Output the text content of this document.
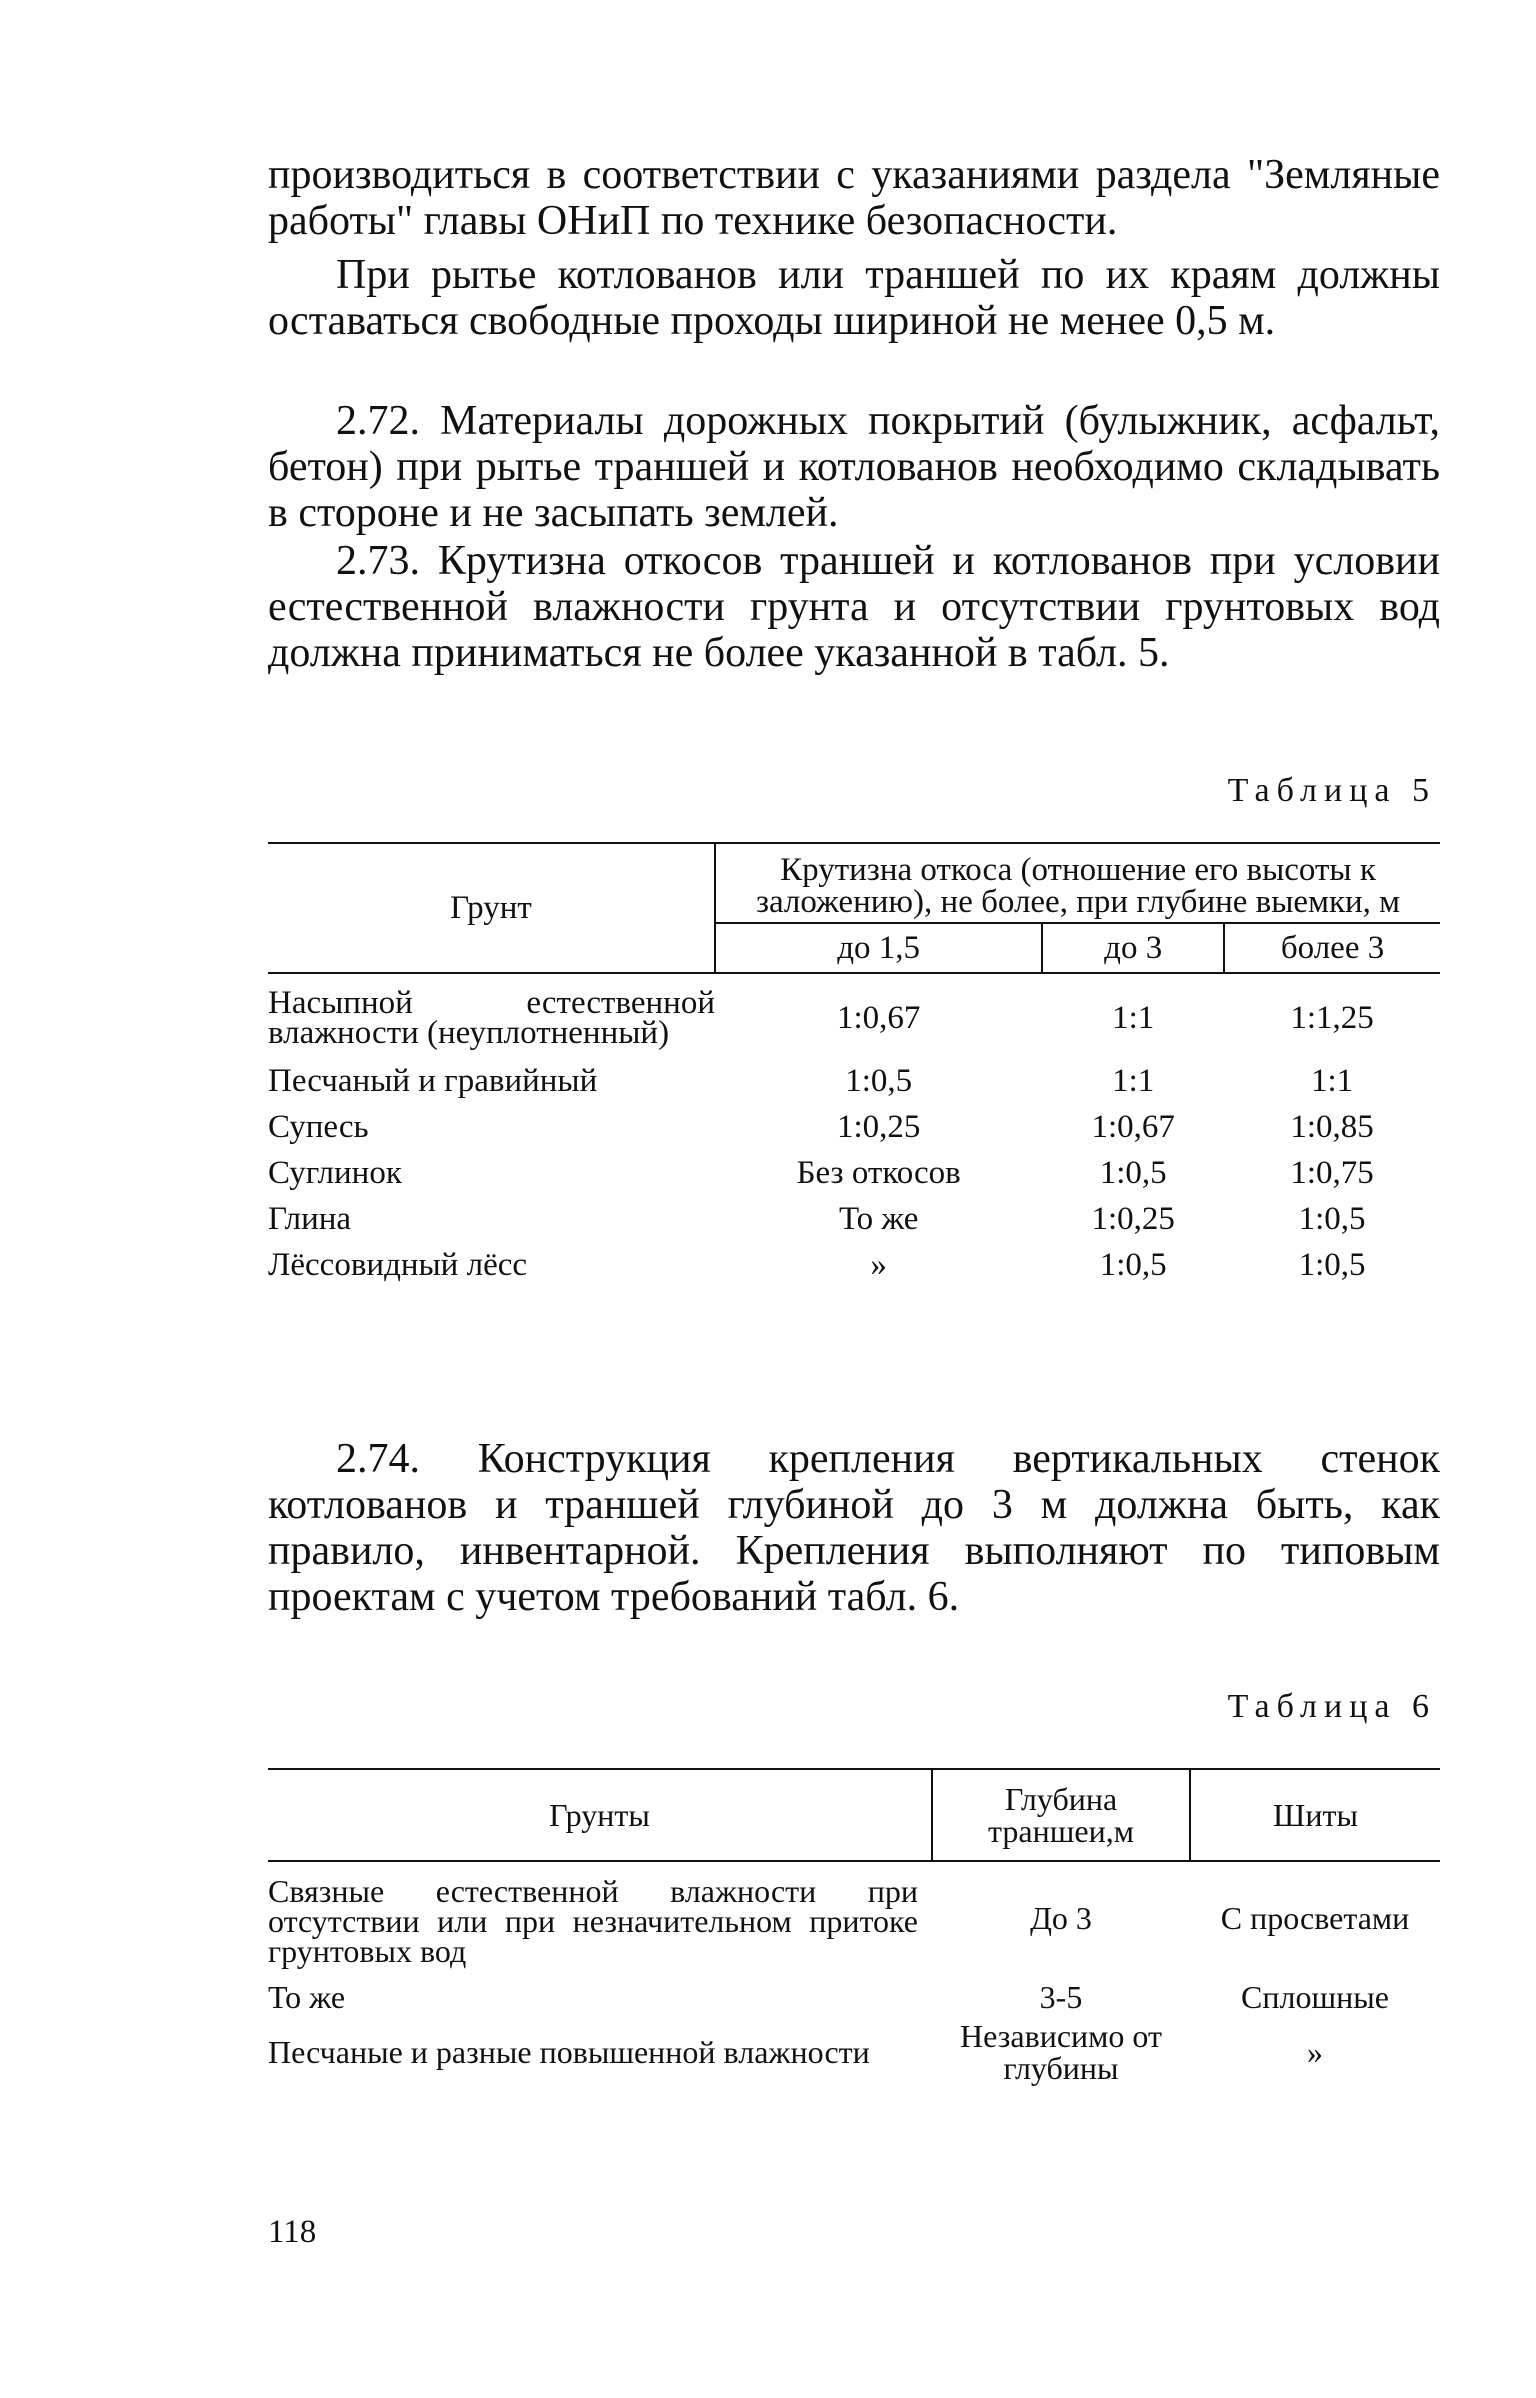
производиться в соответствии с указаниями раздела "Земляные работы" главы ОНиП по технике безопасности.

При рытье котлованов или траншей по их краям должны оставаться свободные проходы шириной не менее 0,5 м.

2.72. Материалы дорожных покрытий (булыжник, асфальт, бетон) при рытье траншей и котлованов необходимо складывать в стороне и не засыпать землей.

2.73. Крутизна откосов траншей и котлованов при условии естественной влажности грунта и отсутствии грунтовых вод должна приниматься не более указанной в табл. 5.

Таблица 5
Грунт	Крутизна откоса (отношение его высоты к заложению), не более, при глубине выемки, м		
	до 1,5	до 3	более 3
Насыпной естественной влажности (неуплотненный)	1:0,67	1:1	1:1,25
Песчаный и гравийный	1:0,5	1:1	1:1
Супесь	1:0,25	1:0,67	1:0,85
Суглинок	Без откосов	1:0,5	1:0,75
Глина	То же	1:0,25	1:0,5
Лёссовидный лёсс	»	1:0,5	1:0,5

2.74. Конструкция крепления вертикальных стенок котлованов и траншей глубиной до 3 м должна быть, как правило, инвентарной. Крепления выполняют по типовым проектам с учетом требований табл. 6.

Таблица 6
Грунты	Глубина траншеи,м	Шиты
Связные естественной влажности при отсутствии или при незначительном притоке грунтовых вод	До 3	С просветами
То же	3-5	Сплошные
Песчаные и разные повышенной влажности	Независимо от глубины	»
118
